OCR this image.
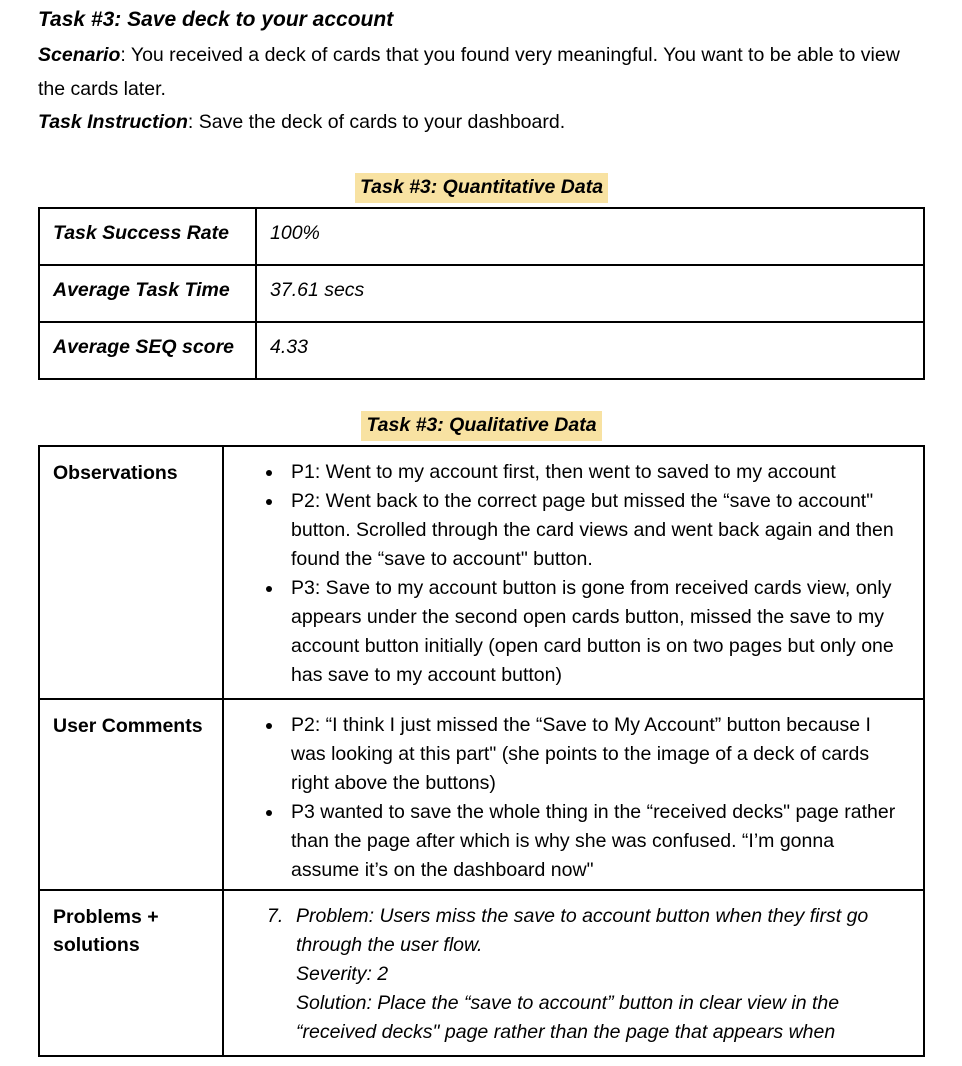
Task #3: Save deck to your account

Scenario: You received a deck of cards that you found very meaningful. You want to be able to view the cards later.

Task Instruction: Save the deck of cards to your dashboard.

Task #3: Quantitative Data
Task Success Rate	100%
Average Task Time	37.61 secs
Average SEQ score	4.33
Task #3: Qualitative Data
Observations	
•P1: Went to my account first, then went to saved to my account
• P2: Went back to the correct page but missed the “save to account" button. Scrolled through the card views and went back again and then found the “save to account" button.
• P3: Save to my account button is gone from received cards view, only appears under the second open cards button, missed the save to my account button initially (open card button is on two pages but only one has save to my account button)

User Comments	
•P2: “I think I just missed the “Save to My Account” button because I was looking at this part" (she points to the image of a deck of cards right above the buttons)
• P3 wanted to save the whole thing in the “received decks" page rather than the page after which is why she was confused. “I’m gonna assume it’s on the dashboard now"

Problems + solutions	7. Problem: Users miss the save to account button when they first go through the user flow.
Severity: 2
Solution: Place the “save to account” button in clear view in the “received decks" page rather than the page that appears when
